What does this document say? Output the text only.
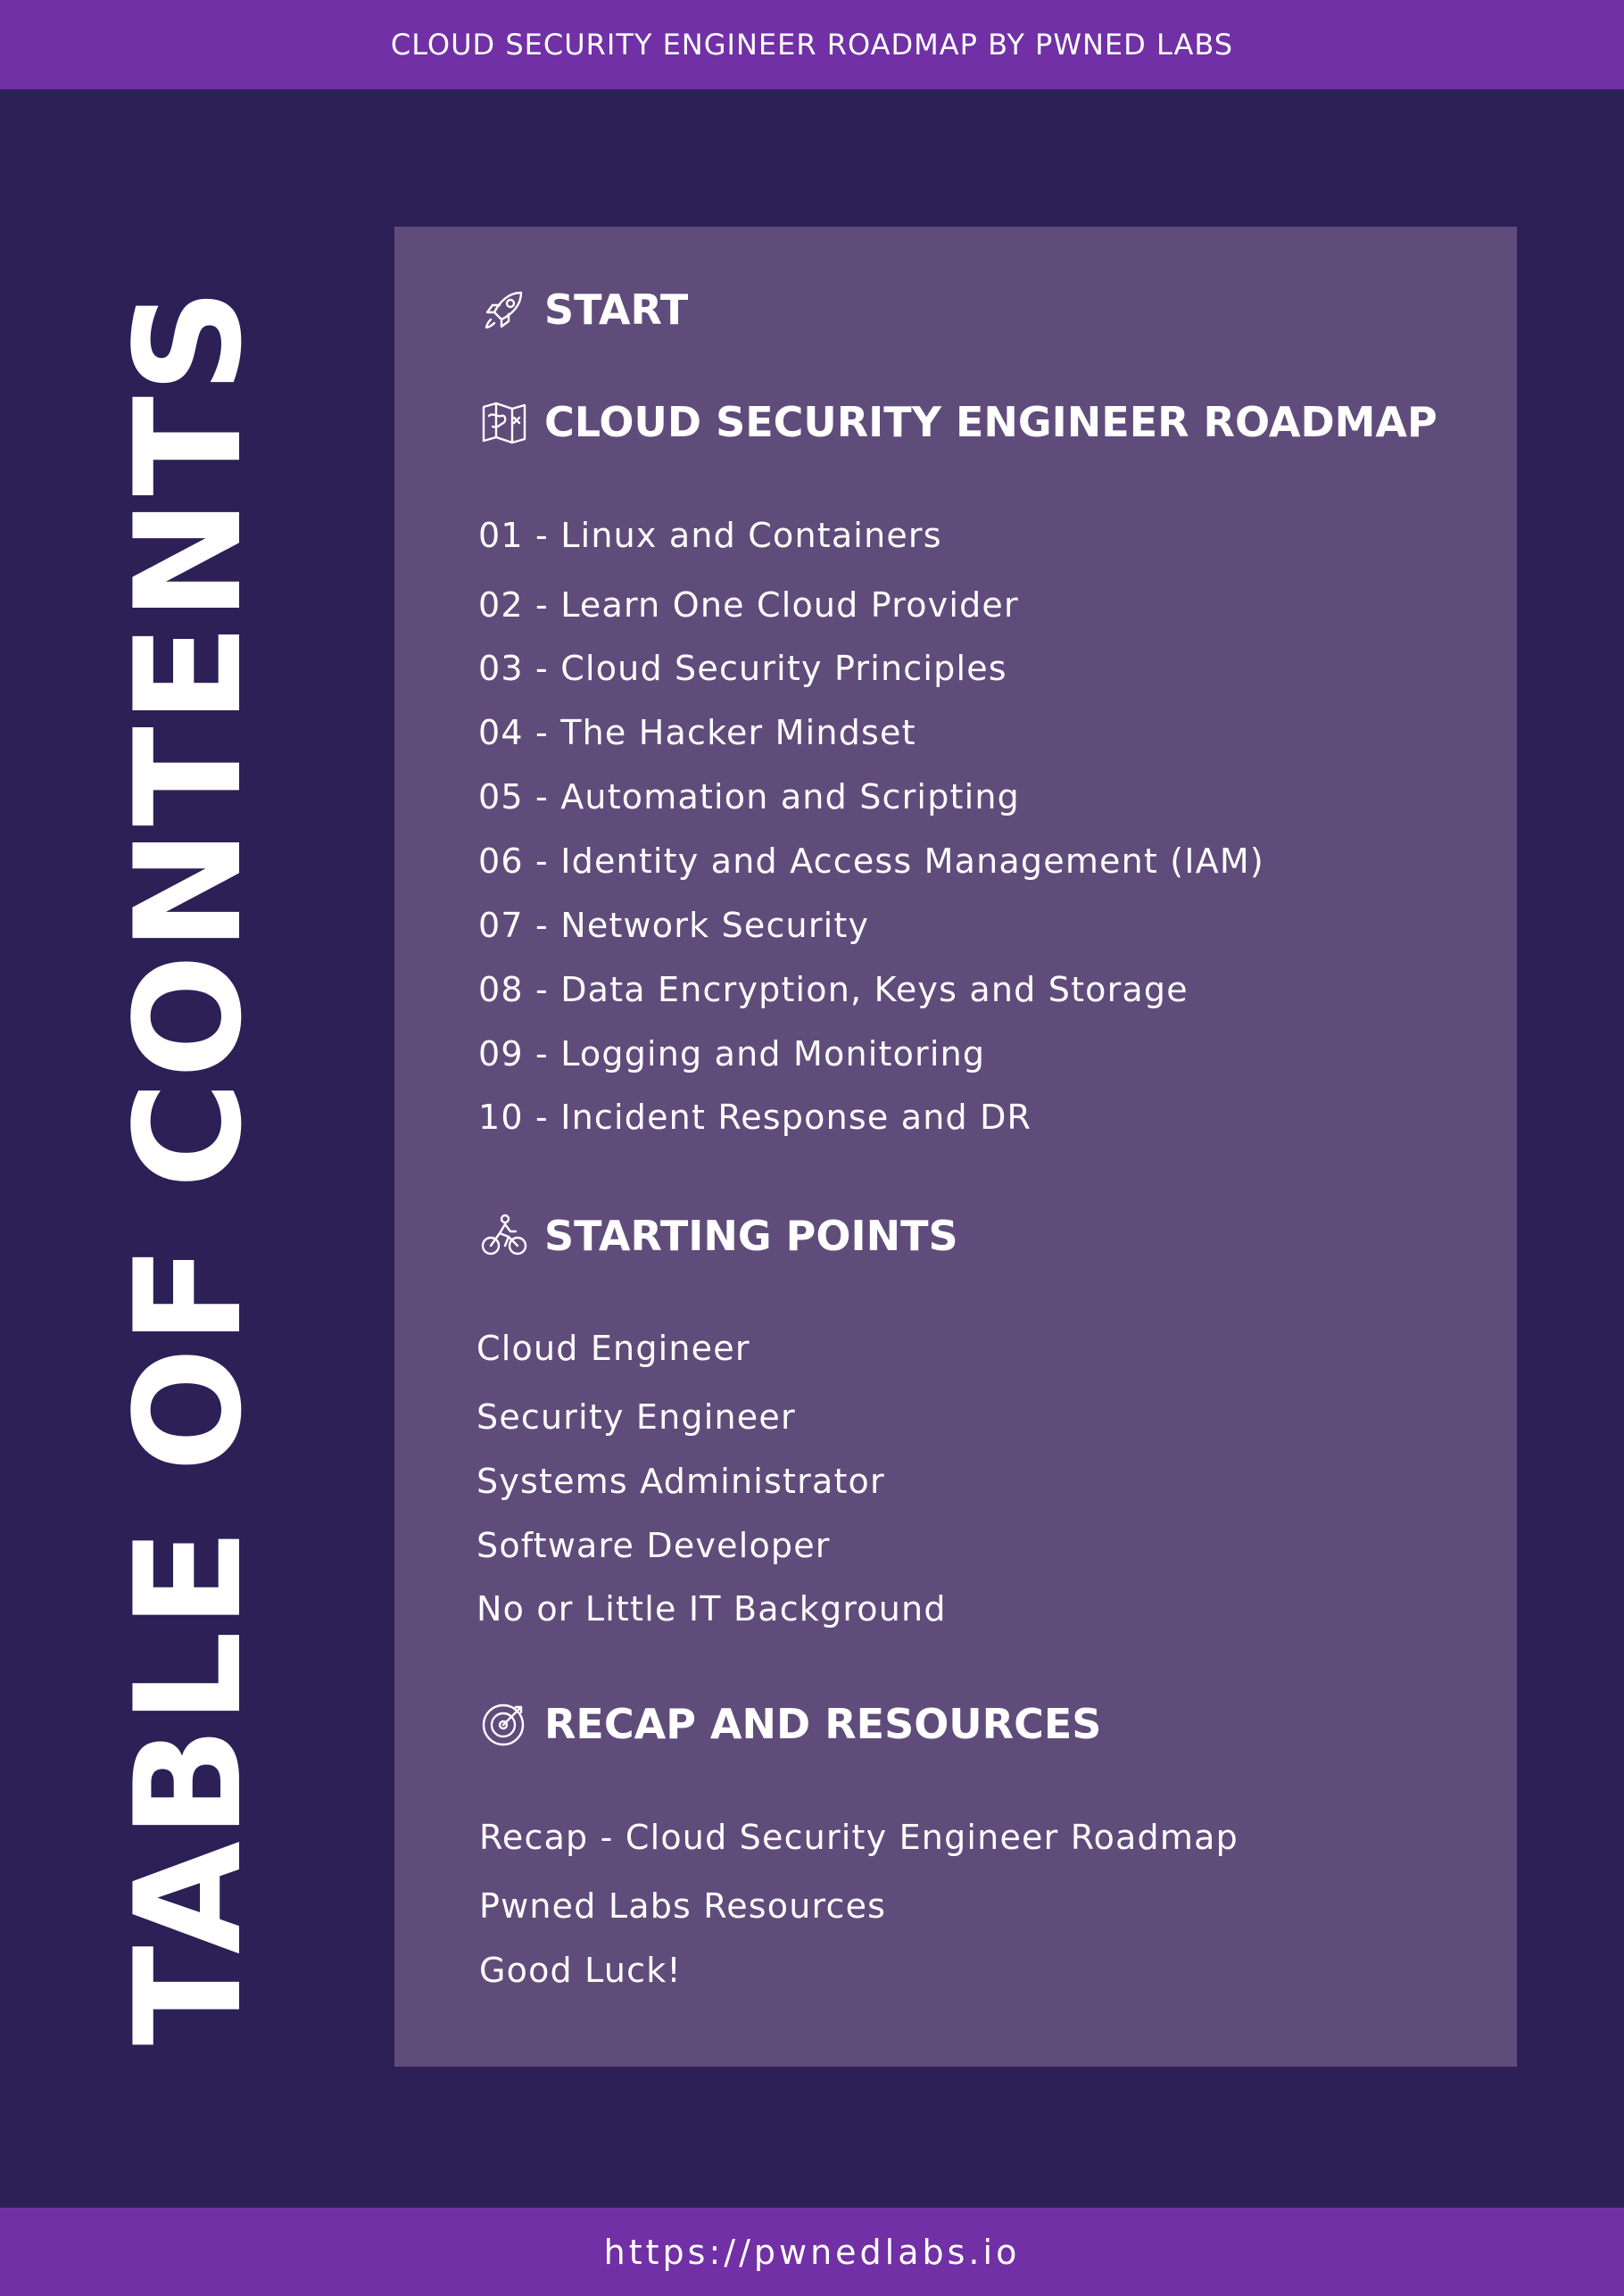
CLOUD SECURITY ENGINEER ROADMAP BY PWNED LABS
TABLE OF CONTENTS	START
CLOUD SECURITY ENGINEER ROADMAP
01 - Linux and Containers
02 - Learn One Cloud Provider
03 - Cloud Security Principles
04 - The Hacker Mindset
05 - Automation and Scripting
06 - Identity and Access Management (IAM)
07 - Network Security
08 - Data Encryption, Keys and Storage
09 - Logging and Monitoring
10 - Incident Response and DR
STARTING POINTS
Cloud Engineer
Security Engineer
Systems Administrator
Software Developer
No or Little IT Background
RECAP AND RESOURCES
Recap - Cloud Security Engineer Roadmap
Pwned Labs Resources
Good Luck!
https://pwnedlabs.io
